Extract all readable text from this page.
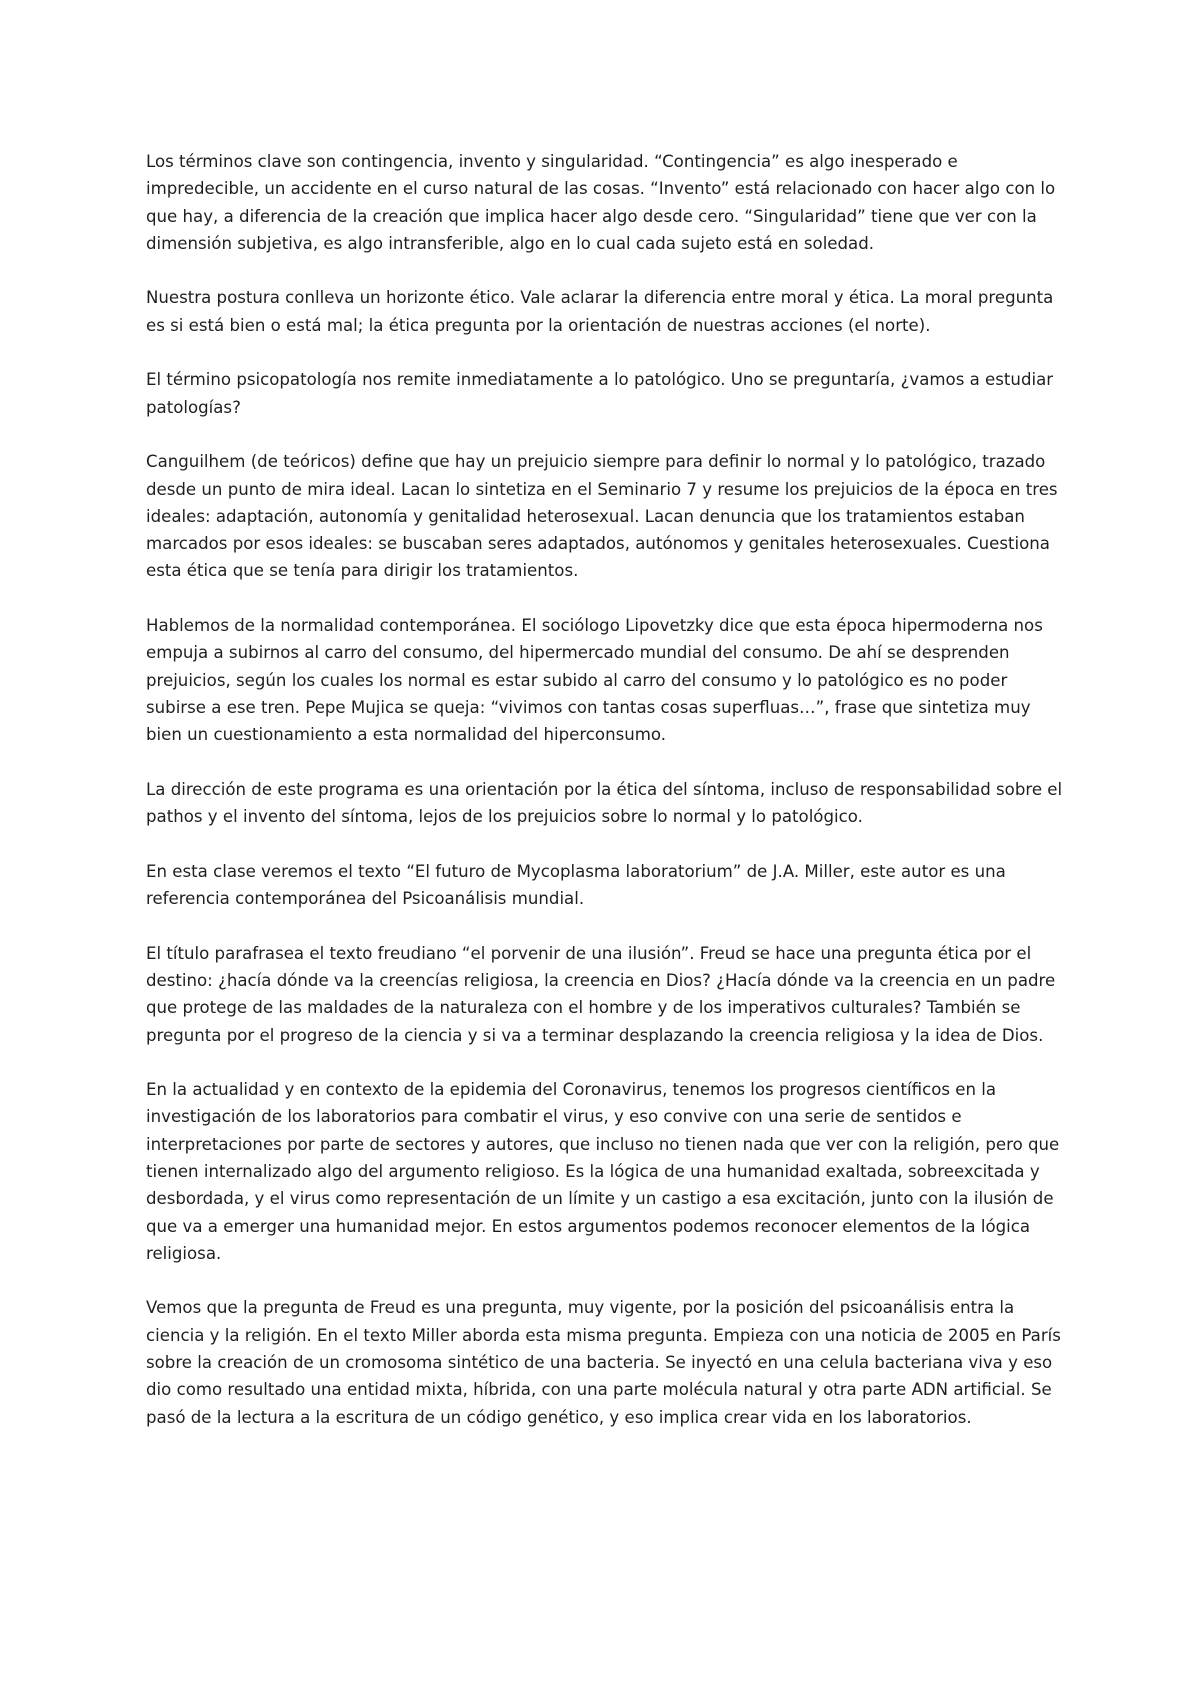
Los términos clave son contingencia, invento y singularidad. “Contingencia” es algo inesperado e impredecible, un accidente en el curso natural de las cosas. “Invento” está relacionado con hacer algo con lo que hay, a diferencia de la creación que implica hacer algo desde cero. “Singularidad” tiene que ver con la dimensión subjetiva, es algo intransferible, algo en lo cual cada sujeto está en soledad.

Nuestra postura conlleva un horizonte ético. Vale aclarar la diferencia entre moral y ética. La moral pregunta es si está bien o está mal; la ética pregunta por la orientación de nuestras acciones (el norte).

El término psicopatología nos remite inmediatamente a lo patológico. Uno se preguntaría, ¿vamos a estudiar patologías?

Canguilhem (de teóricos) define que hay un prejuicio siempre para definir lo normal y lo patológico, trazado desde un punto de mira ideal. Lacan lo sintetiza en el Seminario 7 y resume los prejuicios de la época en tres ideales: adaptación, autonomía y genitalidad heterosexual. Lacan denuncia que los tratamientos estaban marcados por esos ideales: se buscaban seres adaptados, autónomos y genitales heterosexuales. Cuestiona esta ética que se tenía para dirigir los tratamientos.

Hablemos de la normalidad contemporánea. El sociólogo Lipovetzky dice que esta época hipermoderna nos empuja a subirnos al carro del consumo, del hipermercado mundial del consumo. De ahí se desprenden prejuicios, según los cuales los normal es estar subido al carro del consumo y lo patológico es no poder subirse a ese tren. Pepe Mujica se queja: “vivimos con tantas cosas superfluas…”, frase que sintetiza muy bien un cuestionamiento a esta normalidad del hiperconsumo.

La dirección de este programa es una orientación por la ética del síntoma, incluso de responsabilidad sobre el pathos y el invento del síntoma, lejos de los prejuicios sobre lo normal y lo patológico.

En esta clase veremos el texto “El futuro de Mycoplasma laboratorium” de J.A. Miller, este autor es una referencia contemporánea del Psicoanálisis mundial.

El título parafrasea el texto freudiano “el porvenir de una ilusión”. Freud se hace una pregunta ética por el destino: ¿hacía dónde va la creencías religiosa, la creencia en Dios? ¿Hacía dónde va la creencia en un padre que protege de las maldades de la naturaleza con el hombre y de los imperativos culturales? También se pregunta por el progreso de la ciencia y si va a terminar desplazando la creencia religiosa y la idea de Dios.

En la actualidad y en contexto de la epidemia del Coronavirus, tenemos los progresos científicos en la investigación de los laboratorios para combatir el virus, y eso convive con una serie de sentidos e interpretaciones por parte de sectores y autores, que incluso no tienen nada que ver con la religión, pero que tienen internalizado algo del argumento religioso. Es la lógica de una humanidad exaltada, sobreexcitada y desbordada, y el virus como representación de un límite y un castigo a esa excitación, junto con la ilusión de que va a emerger una humanidad mejor. En estos argumentos podemos reconocer elementos de la lógica religiosa.

Vemos que la pregunta de Freud es una pregunta, muy vigente, por la posición del psicoanálisis entra la ciencia y la religión. En el texto Miller aborda esta misma pregunta. Empieza con una noticia de 2005 en París sobre la creación de un cromosoma sintético de una bacteria. Se inyectó en una celula bacteriana viva y eso dio como resultado una entidad mixta, híbrida, con una parte molécula natural y otra parte ADN artificial. Se pasó de la lectura a la escritura de un código genético, y eso implica crear vida en los laboratorios.
